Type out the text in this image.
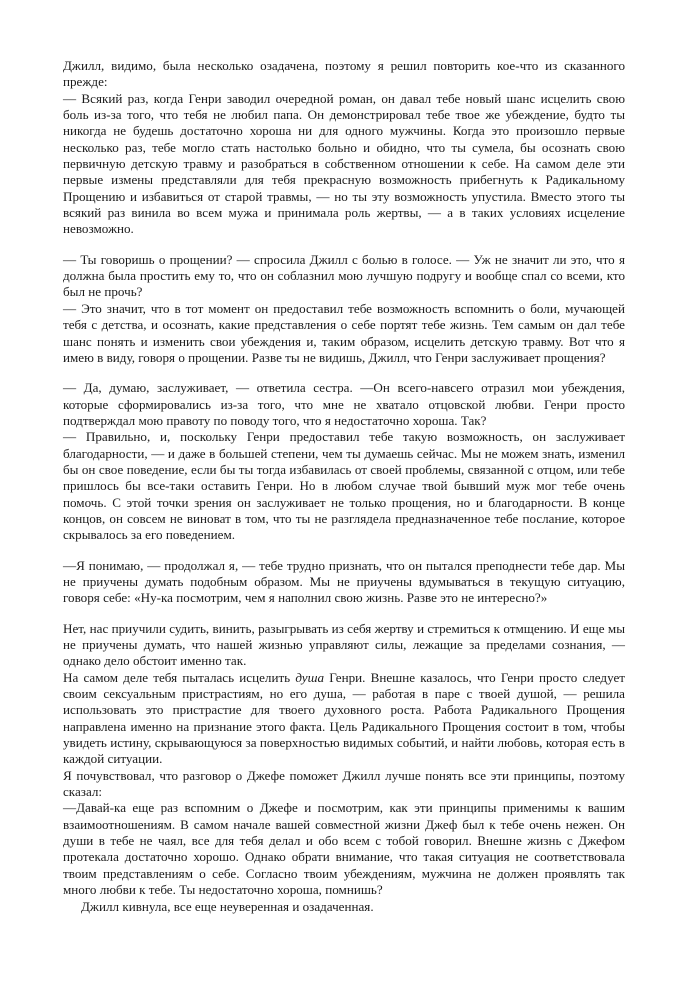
Джилл, видимо, была несколько озадачена, поэтому я решил повторить кое-что из сказанного прежде:

— Всякий раз, когда Генри заводил очередной роман, он давал тебе новый шанс исцелить свою боль из-за того, что тебя не любил папа. Он демонстрировал тебе твое же убеждение, будто ты никогда не будешь достаточно хороша ни для одного мужчины. Когда это произошло первые несколько раз, тебе могло стать настолько больно и обидно, что ты сумела, бы осознать свою первичную детскую травму и разобраться в собственном отношении к себе. На самом деле эти первые измены представляли для тебя прекрасную возможность прибегнуть к Радикальному Прощению и избавиться от старой травмы, — но ты эту возможность упустила. Вместо этого ты всякий раз винила во всем мужа и принимала роль жертвы, — а в таких условиях исцеление невозможно.

— Ты говоришь о прощении? — спросила Джилл с болью в голосе. — Уж не значит ли это, что я должна была простить ему то, что он соблазнил мою лучшую подругу и вообще спал со всеми, кто был не прочь?

— Это значит, что в тот момент он предоставил тебе возможность вспомнить о боли, мучающей тебя с детства, и осознать, какие представления о себе портят тебе жизнь. Тем самым он дал тебе шанс понять и изменить свои убеждения и, таким образом, исцелить детскую травму. Вот что я имею в виду, говоря о прощении. Разве ты не видишь, Джилл, что Генри заслуживает прощения?

— Да, думаю, заслуживает, — ответила сестра. —Он всего-навсего отразил мои убеждения, которые сформировались из-за того, что мне не хватало отцовской любви. Генри просто подтверждал мою правоту по поводу того, что я недостаточно хороша. Так?

— Правильно, и, поскольку Генри предоставил тебе такую возможность, он заслуживает благодарности, — и даже в большей степени, чем ты думаешь сейчас. Мы не можем знать, изменил бы он свое поведение, если бы ты тогда избавилась от своей проблемы, связанной с отцом, или тебе пришлось бы все-таки оставить Генри. Но в любом случае твой бывший муж мог тебе очень помочь. С этой точки зрения он заслуживает не только прощения, но и благодарности. В конце концов, он совсем не виноват в том, что ты не разглядела предназначенное тебе послание, которое скрывалось за его поведением.

—Я понимаю, — продолжал я, — тебе трудно признать, что он пытался преподнести тебе дар. Мы не приучены думать подобным образом. Мы не приучены вдумываться в текущую ситуацию, говоря себе: «Ну-ка посмотрим, чем я наполнил свою жизнь. Разве это не интересно?»

Нет, нас приучили судить, винить, разыгрывать из себя жертву и стремиться к отмщению. И еще мы не приучены думать, что нашей жизнью управляют силы, лежащие за пределами сознания, — однако дело обстоит именно так.

На самом деле тебя пыталась исцелить душа Генри. Внешне казалось, что Генри просто следует своим сексуальным пристрастиям, но его душа, — работая в паре с твоей душой, — решила использовать это пристрастие для твоего духовного роста. Работа Радикального Прощения направлена именно на признание этого факта. Цель Радикального Прощения состоит в том, чтобы увидеть истину, скрывающуюся за поверхностью видимых событий, и найти любовь, которая есть в каждой ситуации.

Я почувствовал, что разговор о Джефе поможет Джилл лучше понять все эти принципы, поэтому сказал:

—Давай-ка еще раз вспомним о Джефе и посмотрим, как эти принципы применимы к вашим взаимоотношениям. В самом начале вашей совместной жизни Джеф был к тебе очень нежен. Он души в тебе не чаял, все для тебя делал и обо всем с тобой говорил. Внешне жизнь с Джефом протекала достаточно хорошо. Однако обрати внимание, что такая ситуация не соответствовала твоим представлениям о себе. Согласно твоим убеждениям, мужчина не должен проявлять так много любви к тебе. Ты недостаточно хороша, помнишь?

Джилл кивнула, все еще неуверенная и озадаченная.
